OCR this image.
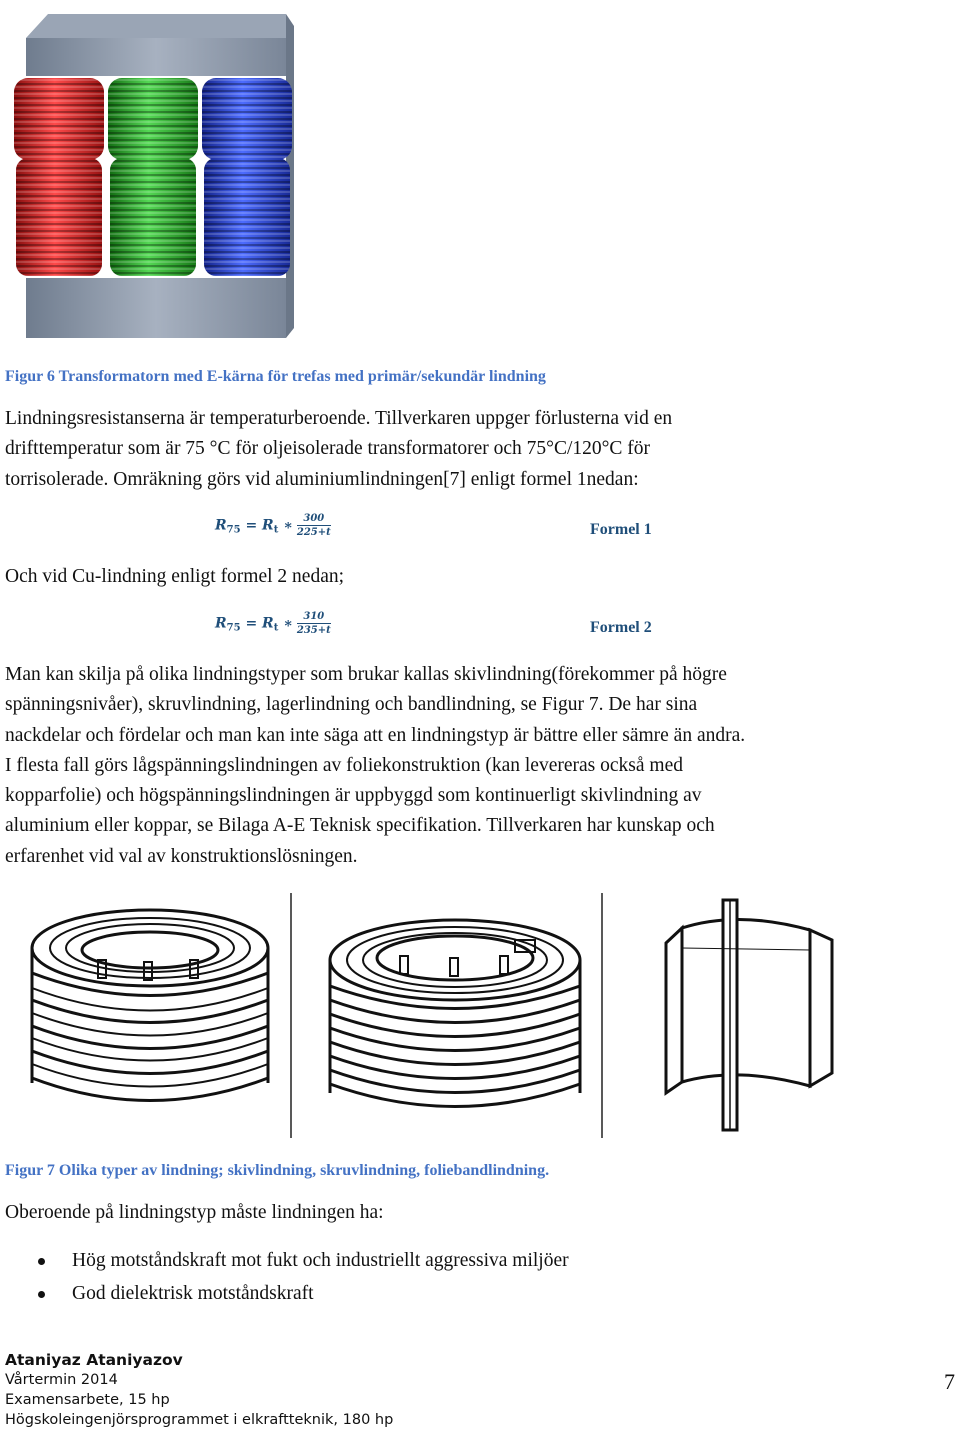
Figur 6 Transformatorn med E-kärna för trefas med primär/sekundär lindning
Lindningsresistanserna är temperaturberoende. Tillverkaren uppger förlusterna vid en
drifttemperatur som är 75 °C för oljeisolerade transformatorer och 75°C/120°C för
torrisolerade. Omräkning görs vid aluminiumlindningen[7] enligt formel 1nedan:
$R_{75} = R_t$ ∗ $\frac{300}{225+t}$	Formel 1
Och vid Cu-lindning enligt formel 2 nedan;
$R_{75} = R_t$ ∗ $\frac{310}{235+t}$	Formel 2
Man kan skilja på olika lindningstyper som brukar kallas skivlindning(förekommer på högre
spänningsnivåer), skruvlindning, lagerlindning och bandlindning, se Figur 7. De har sina
nackdelar och fördelar och man kan inte säga att en lindningstyp är bättre eller sämre än andra.
I flesta fall görs lågspänningslindningen av foliekonstruktion (kan levereras också med
kopparfolie) och högspänningslindningen är uppbyggd som kontinuerligt skivlindning av
aluminium eller koppar, se Bilaga A-E Teknisk specifikation. Tillverkaren har kunskap och
erfarenhet vid val av konstruktionslösningen.
Figur 7 Olika typer av lindning; skivlindning, skruvlindning, foliebandlindning.
Oberoende på lindningstyp måste lindningen ha:
Hög motståndskraft mot fukt och industriellt aggressiva miljöer
God dielektrisk motståndskraft
Ataniyaz Ataniyazov
Vårtermin 2014
Examensarbete, 15 hp
Högskoleingenjörsprogrammet i elkraftteknik, 180 hp
7
